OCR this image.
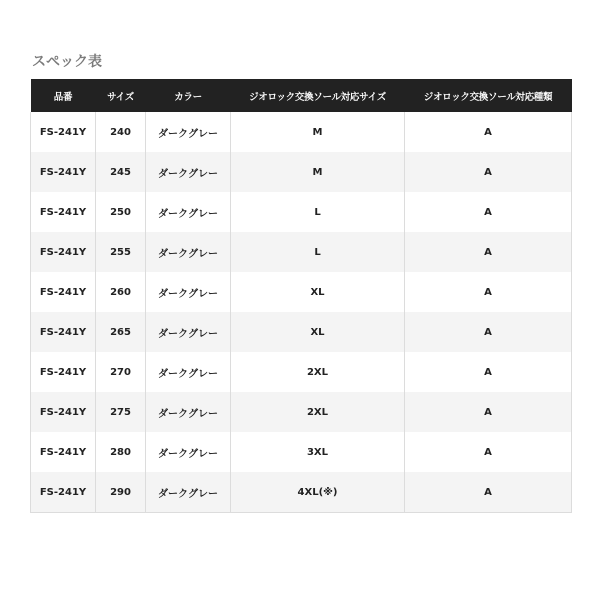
スペック表
品番	サイズ	カラー	ジオロック交換ソール対応サイズ	ジオロック交換ソール対応種類
FS-241Y	240	ダークグレー	M	A
FS-241Y	245	ダークグレー	M	A
FS-241Y	250	ダークグレー	L	A
FS-241Y	255	ダークグレー	L	A
FS-241Y	260	ダークグレー	XL	A
FS-241Y	265	ダークグレー	XL	A
FS-241Y	270	ダークグレー	2XL	A
FS-241Y	275	ダークグレー	2XL	A
FS-241Y	280	ダークグレー	3XL	A
FS-241Y	290	ダークグレー	4XL(※)	A
